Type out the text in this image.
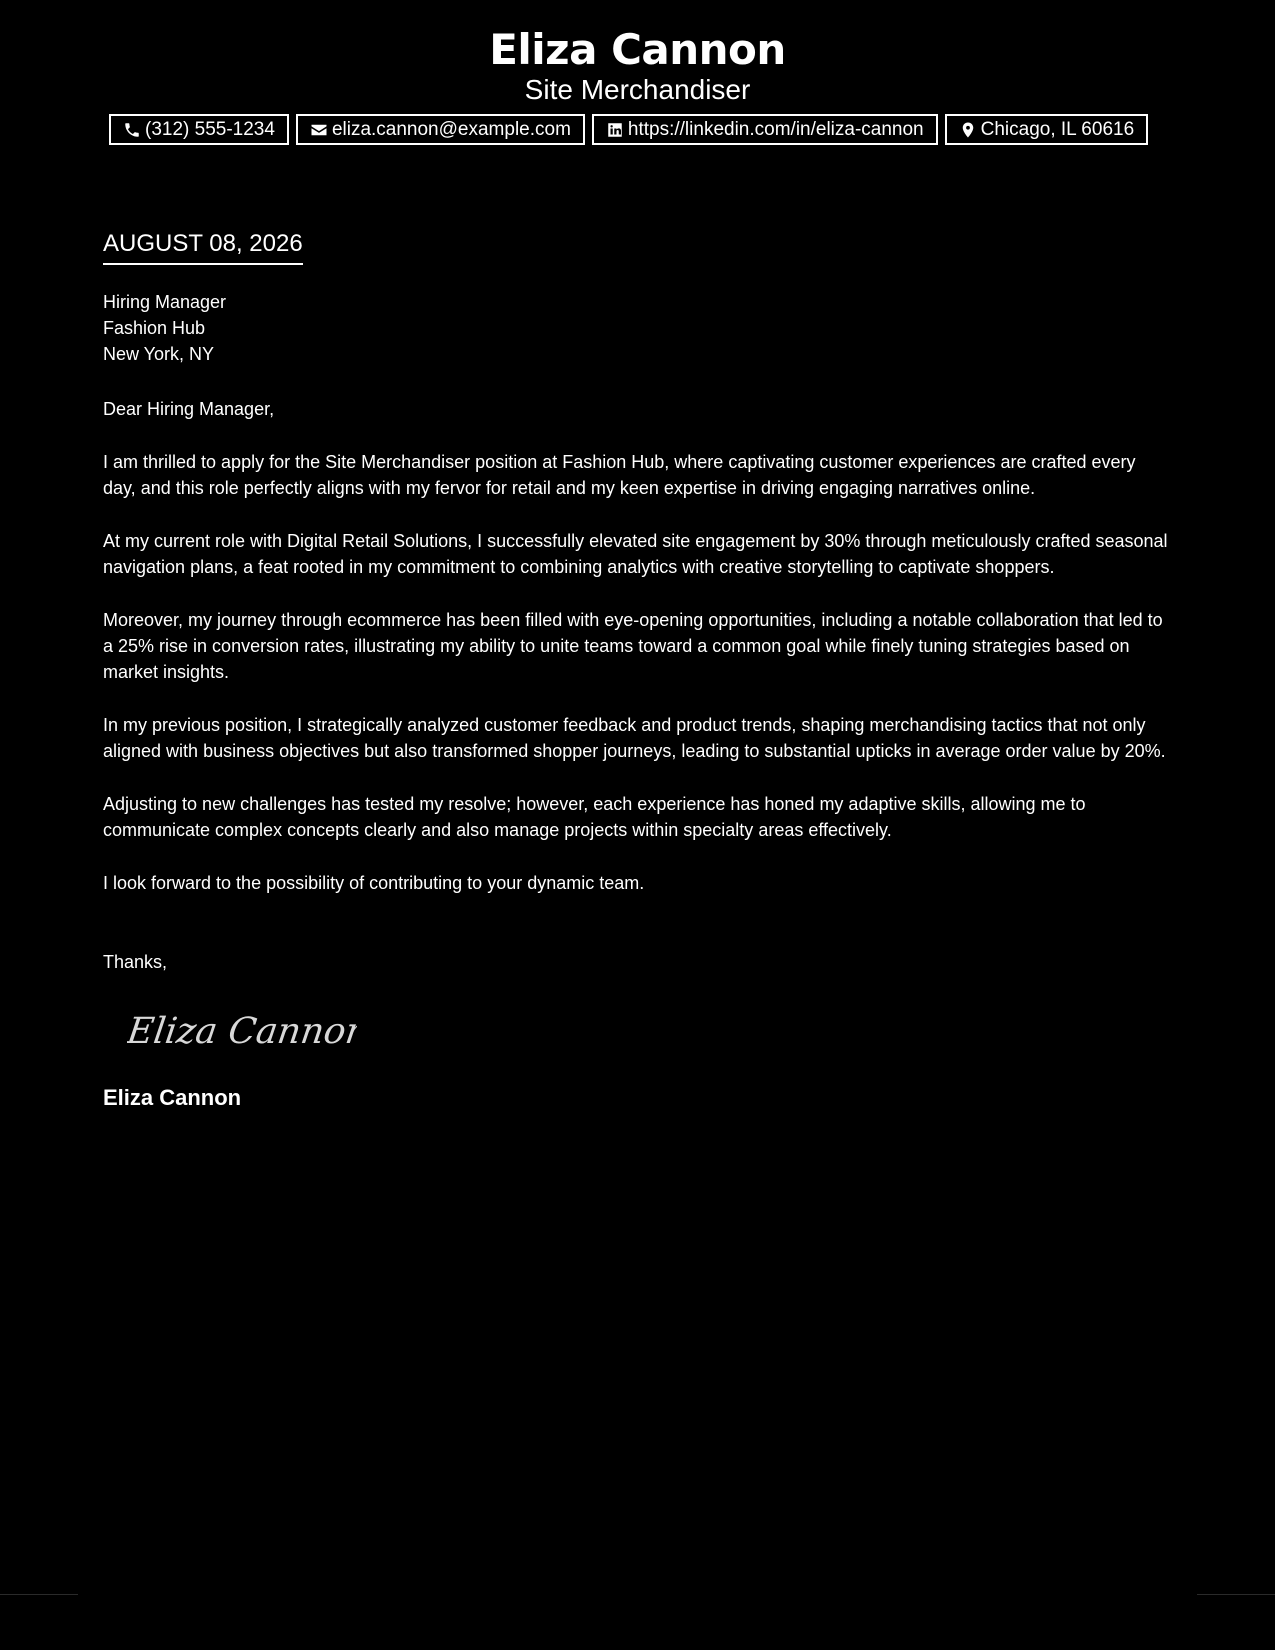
Eliza Cannon
Site Merchandiser
(312) 555-1234	eliza.cannon@example.com	https://linkedin.com/in/eliza-cannon	Chicago, IL 60616
AUGUST 08, 2026

Hiring Manager

Fashion Hub

New York, NY

Dear Hiring Manager,

I am thrilled to apply for the Site Merchandiser position at Fashion Hub, where captivating customer experiences are crafted every day, and this role perfectly aligns with my fervor for retail and my keen expertise in driving engaging narratives online.

At my current role with Digital Retail Solutions, I successfully elevated site engagement by 30% through meticulously crafted seasonal navigation plans, a feat rooted in my commitment to combining analytics with creative storytelling to captivate shoppers.

Moreover, my journey through ecommerce has been filled with eye-opening opportunities, including a notable collaboration that led to a 25% rise in conversion rates, illustrating my ability to unite teams toward a common goal while finely tuning strategies based on market insights.

In my previous position, I strategically analyzed customer feedback and product trends, shaping merchandising tactics that not only aligned with business objectives but also transformed shopper journeys, leading to substantial upticks in average order value by 20%.

Adjusting to new challenges has tested my resolve; however, each experience has honed my adaptive skills, allowing me to communicate complex concepts clearly and also manage projects within specialty areas effectively.

I look forward to the possibility of contributing to your dynamic team.

Thanks,

Eliza Cannon
Eliza Cannon
